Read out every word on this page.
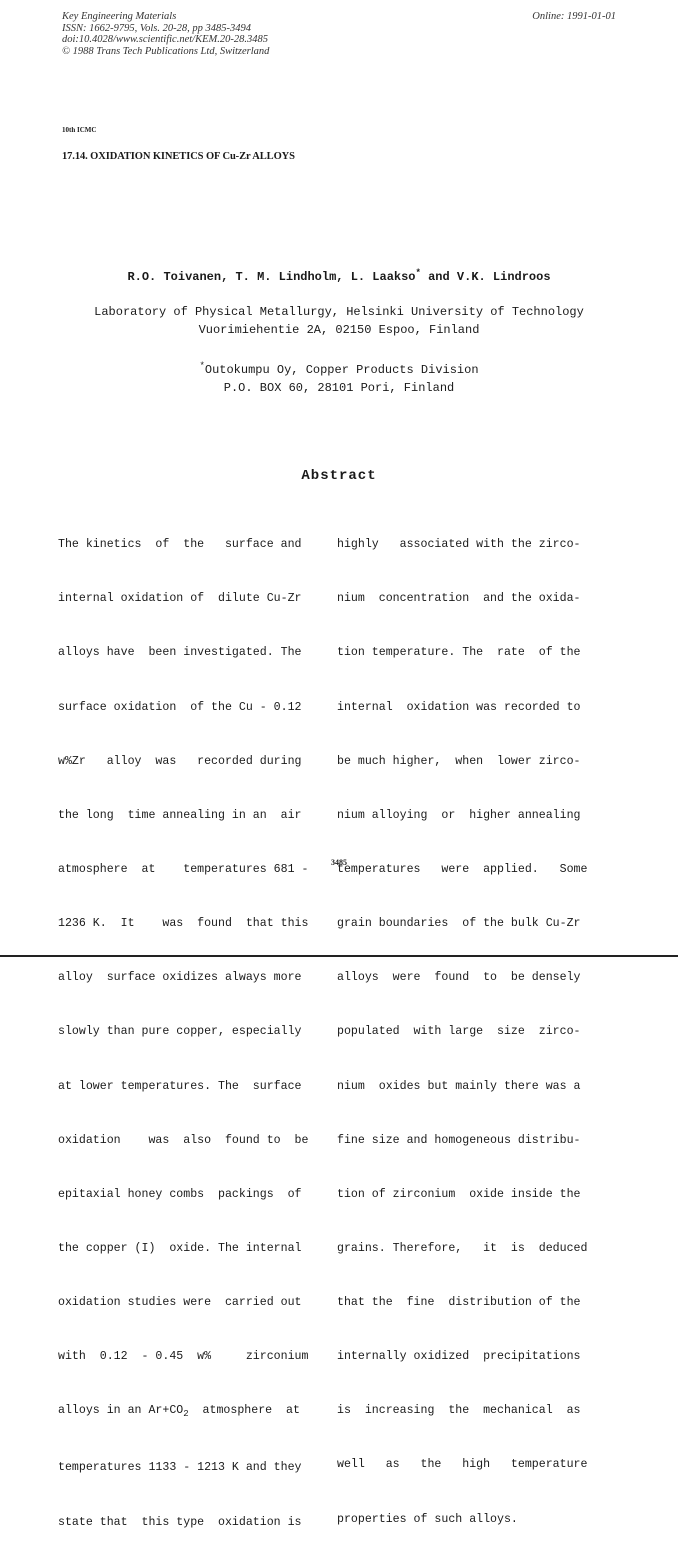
Key Engineering Materials
ISSN: 1662-9795, Vols. 20-28, pp 3485-3494
doi:10.4028/www.scientific.net/KEM.20-28.3485
© 1988 Trans Tech Publications Ltd, Switzerland
Online: 1991-01-01
10th ICMC
17.14. OXIDATION KINETICS OF Cu-Zr ALLOYS
R.O. Toivanen, T. M. Lindholm, L. Laakso* and V.K. Lindroos
Laboratory of Physical Metallurgy, Helsinki University of Technology
Vuorimiehentie 2A, 02150 Espoo, Finland
*Outokumpu Oy, Copper Products Division
P.O. BOX 60, 28101 Pori, Finland
Abstract

The kinetics  of  the   surface and

internal oxidation of  dilute Cu-Zr

alloys have  been investigated. The

surface oxidation  of the Cu - 0.12

w%Zr   alloy  was   recorded during

the long  time annealing in an  air

atmosphere  at    temperatures 681 -

1236 K.  It    was  found  that this

alloy  surface oxidizes always more

slowly than pure copper, especially

at lower temperatures. The  surface

oxidation    was  also  found to  be

epitaxial honey combs  packings  of

the copper (I)  oxide. The internal

oxidation studies were  carried out

with  0.12  - 0.45  w%     zirconium

alloys in an $Ar+CO_2$  atmosphere  at

temperatures 1133 - 1213 K and they

state that  this type  oxidation is

highly   associated with the zirco-

nium  concentration  and the oxida-

tion temperature. The  rate  of the

internal  oxidation was recorded to

be much higher,  when  lower zirco-

nium alloying  or  higher annealing

temperatures   were  applied.   Some

grain boundaries  of the bulk Cu-Zr

alloys  were  found  to  be densely

populated  with large  size  zirco-

nium  oxides but mainly there was a

fine size and homogeneous distribu-

tion of zirconium  oxide inside the

grains. Therefore,   it  is  deduced

that the  fine  distribution of the

internally oxidized  precipitations

is  increasing  the  mechanical  as

well   as   the   high   temperature

properties of such alloys.

3485
